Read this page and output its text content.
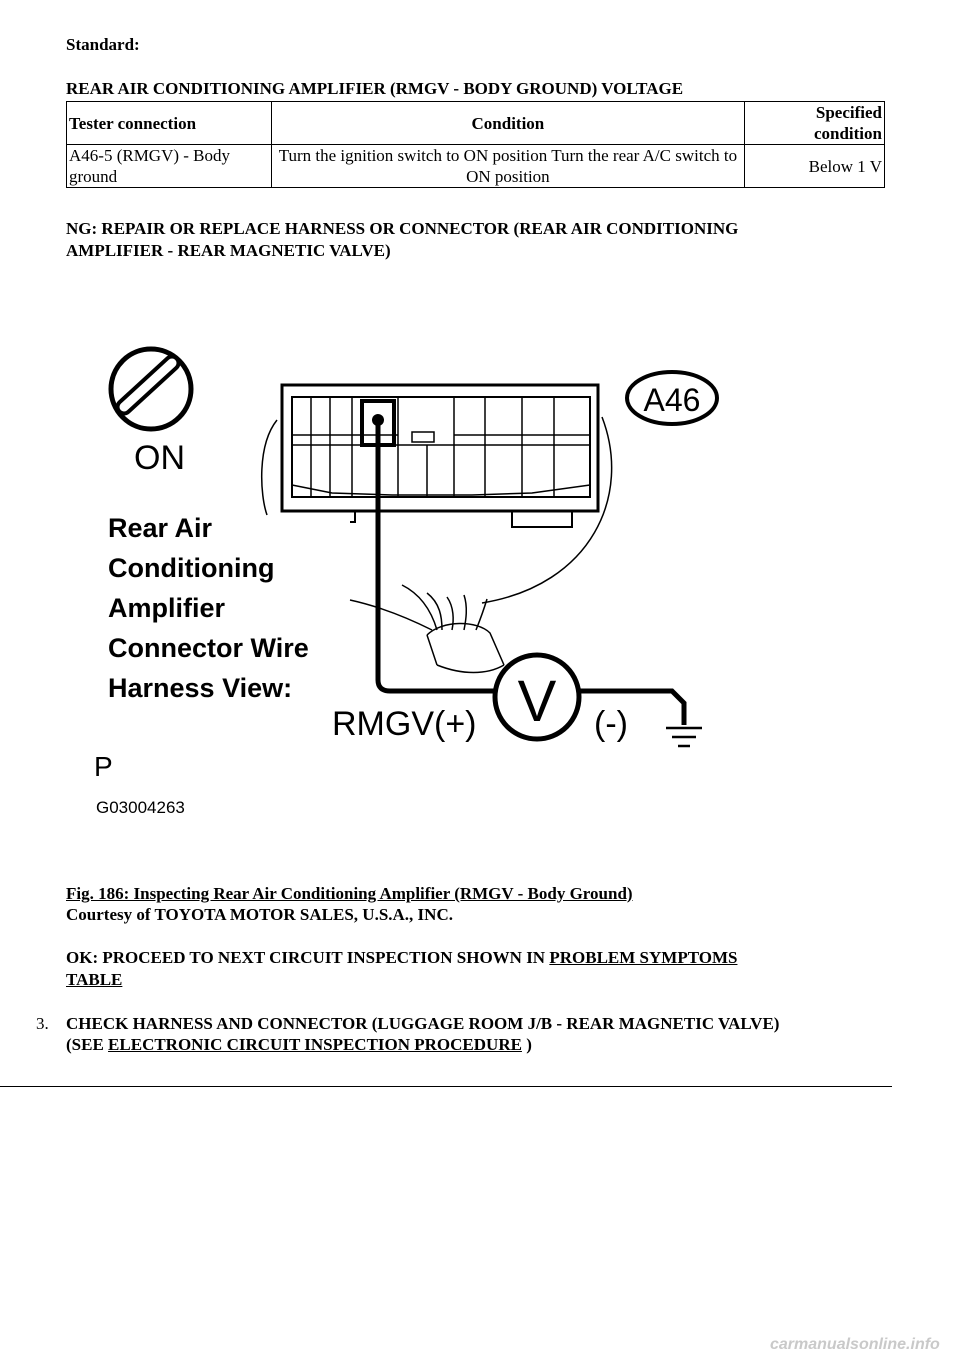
Standard:
REAR AIR CONDITIONING AMPLIFIER (RMGV - BODY GROUND) VOLTAGE
Tester connection	Condition	Specified condition
A46-5 (RMGV) - Body ground	Turn the ignition switch to ON position Turn the rear A/C switch to ON position	Below 1 V
NG: REPAIR OR REPLACE HARNESS OR CONNECTOR (REAR AIR CONDITIONING
AMPLIFIER - REAR MAGNETIC VALVE)
ON
A46
V
RMGV(+)	(-)
Rear Air
Conditioning
Amplifier
Connector Wire
Harness View:
P
G03004263
Fig. 186: Inspecting Rear Air Conditioning Amplifier (RMGV - Body Ground)
Courtesy of TOYOTA MOTOR SALES, U.S.A., INC.
OK: PROCEED TO NEXT CIRCUIT INSPECTION SHOWN IN PROBLEM SYMPTOMS
TABLE
3. CHECK HARNESS AND CONNECTOR (LUGGAGE ROOM J/B - REAR MAGNETIC VALVE)
(SEE ELECTRONIC CIRCUIT INSPECTION PROCEDURE )
carmanualsonline.info
